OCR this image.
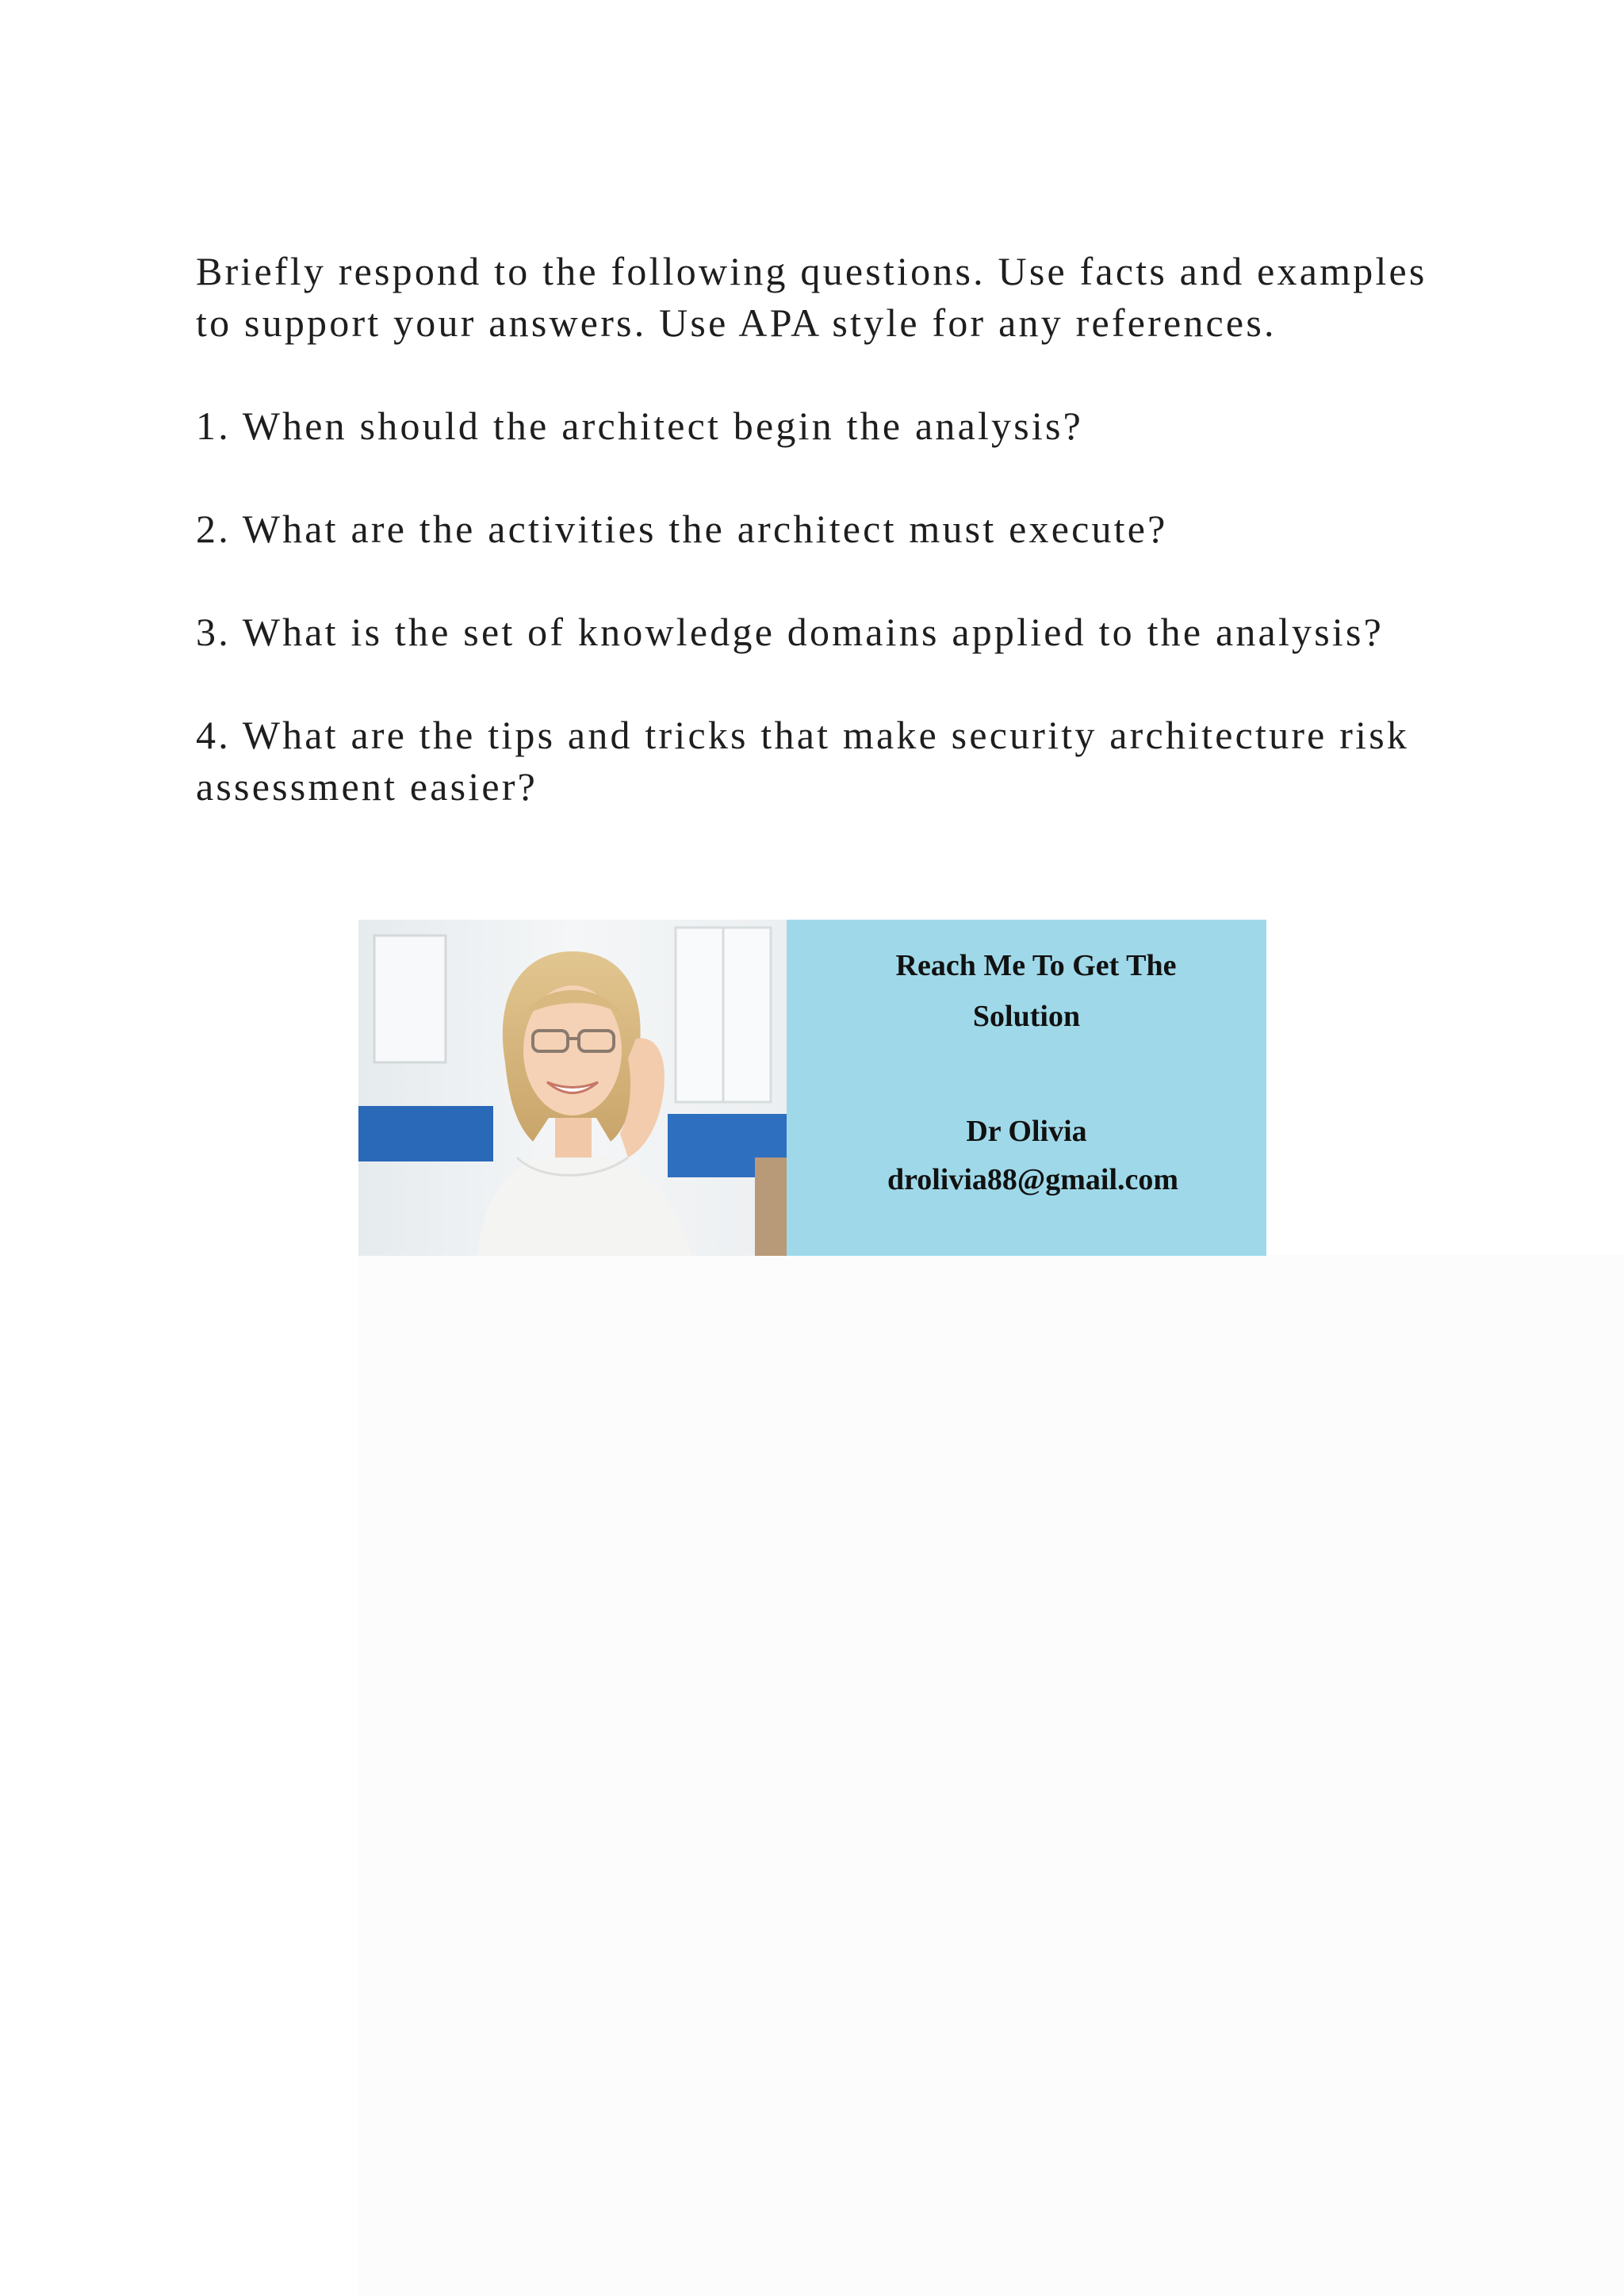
Briefly respond to the following questions. Use facts and examples to support your answers. Use APA style for any references.

1. When should the architect begin the analysis?

2. What are the activities the architect must execute?

3. What is the set of knowledge domains applied to the analysis?

4. What are the tips and tricks that make security architecture risk assessment easier?

Reach Me To Get The
Solution
Dr Olivia
drolivia88@gmail.com
